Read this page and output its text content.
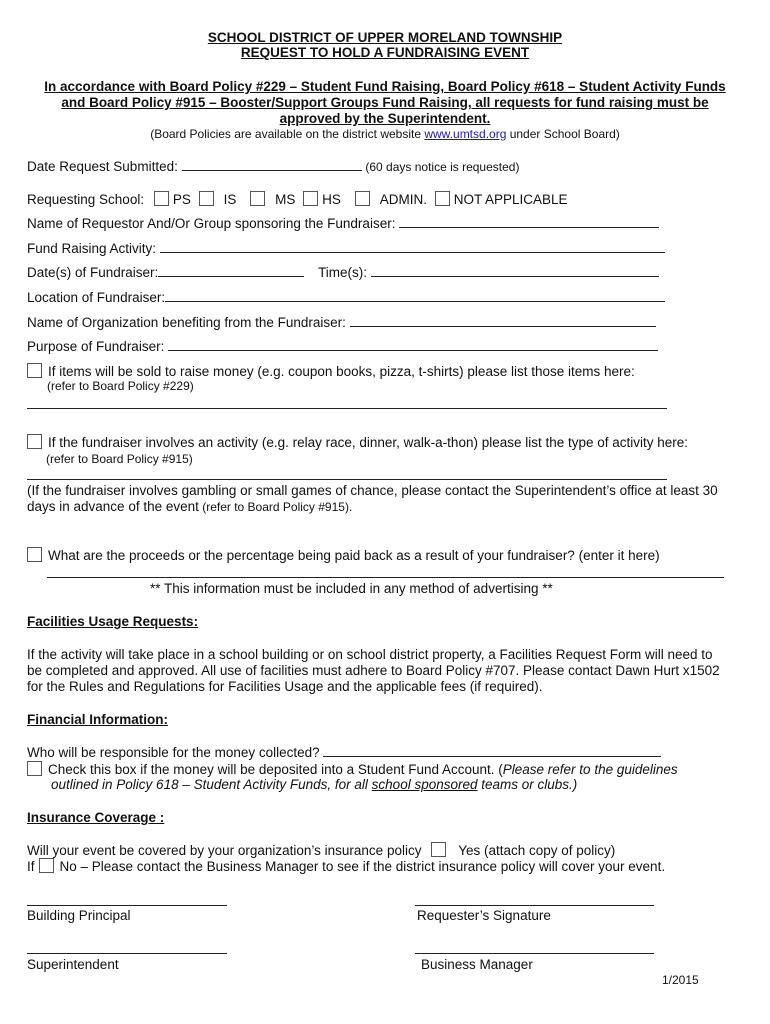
SCHOOL DISTRICT OF UPPER MORELAND TOWNSHIP
REQUEST TO HOLD A FUNDRAISING EVENT
In accordance with Board Policy #229 – Student Fund Raising, Board Policy #618 – Student Activity Funds
and Board Policy #915 – Booster/Support Groups Fund Raising, all requests for fund raising must be
approved by the Superintendent.
(Board Policies are available on the district website www.umtsd.org under School Board)
Date Request Submitted:	(60 days notice is requested)
Requesting School: PS IS	MS HS	ADMIN. NOT APPLICABLE
Name of Requestor And/Or Group sponsoring the Fundraiser:
Fund Raising Activity:
Date(s) of Fundraiser:	Time(s):
Location of Fundraiser:
Name of Organization benefiting from the Fundraiser:
Purpose of Fundraiser:
If items will be sold to raise money (e.g. coupon books, pizza, t-shirts) please list those items here:
(refer to Board Policy #229)
If the fundraiser involves an activity (e.g. relay race, dinner, walk-a-thon) please list the type of activity here:
(refer to Board Policy #915)
(If the fundraiser involves gambling or small games of chance, please contact the Superintendent’s office at least 30
days in advance of the event (refer to Board Policy #915).
What are the proceeds or the percentage being paid back as a result of your fundraiser? (enter it here)
** This information must be included in any method of advertising **
Facilities Usage Requests:
If the activity will take place in a school building or on school district property, a Facilities Request Form will need to
be completed and approved. All use of facilities must adhere to Board Policy #707. Please contact Dawn Hurt x1502
for the Rules and Regulations for Facilities Usage and the applicable fees (if required).
Financial Information:
Who will be responsible for the money collected?
Check this box if the money will be deposited into a Student Fund Account. (Please refer to the guidelines
outlined in Policy 618 – Student Activity Funds, for all school sponsored teams or clubs.)
Insurance Coverage :
Will your event be covered by your organization’s insurance policy	Yes (attach copy of policy)
If No – Please contact the Business Manager to see if the district insurance policy will cover your event.
Building Principal	Requester’s Signature
Superintendent	Business Manager
1/2015
